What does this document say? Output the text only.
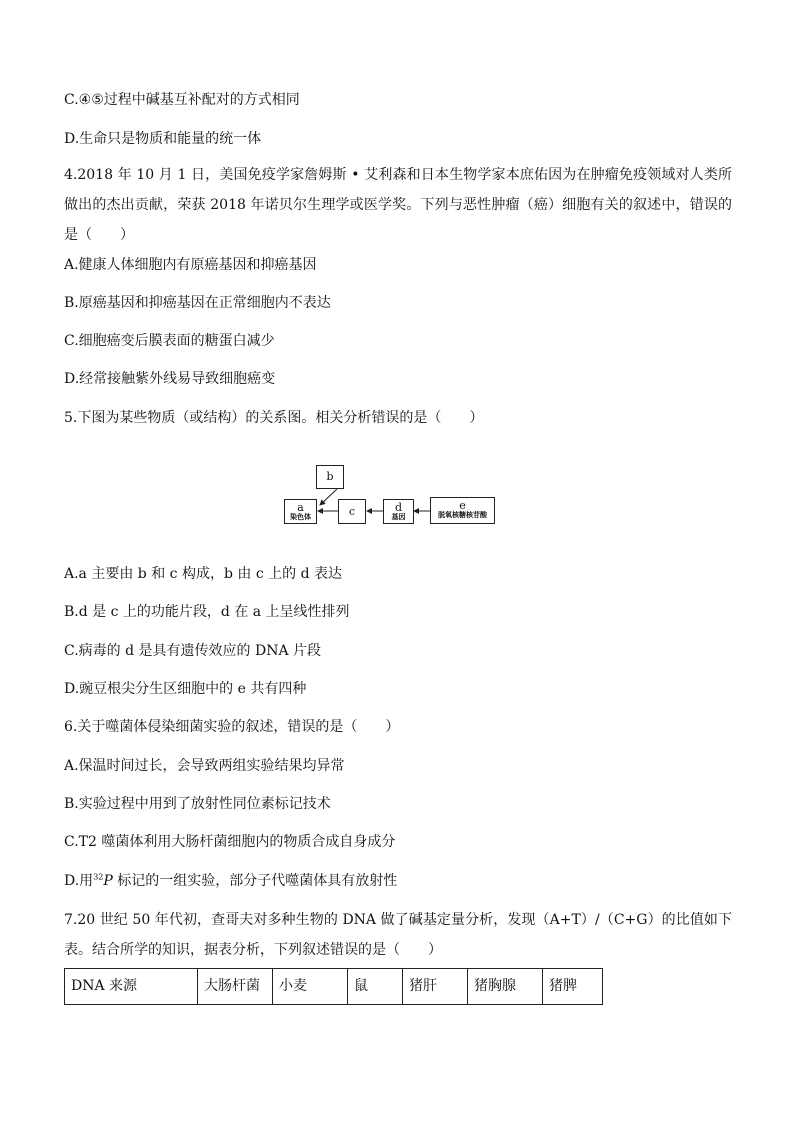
C.④⑤过程中碱基互补配对的方式相同
D.生命只是物质和能量的统一体
4.2018 年 10 月 1 日，美国免疫学家詹姆斯 • 艾利森和日本生物学家本庶佑因为在肿瘤免疫领域对人类所做出的杰出贡献，荣获 2018 年诺贝尔生理学或医学奖。下列与恶性肿瘤（癌）细胞有关的叙述中，错误的是（　　）
A.健康人体细胞内有原癌基因和抑癌基因
B.原癌基因和抑癌基因在正常细胞内不表达
C.细胞癌变后膜表面的糖蛋白减少
D.经常接触紫外线易导致细胞癌变
5.下图为某些物质（或结构）的关系图。相关分析错误的是（　　）
b
a
染色体	c	d
基因
e
脱氧核糖核苷酸
A.a 主要由 b 和 c 构成，b 由 c 上的 d 表达
B.d 是 c 上的功能片段，d 在 a 上呈线性排列
C.病毒的 d 是具有遗传效应的 DNA 片段
D.豌豆根尖分生区细胞中的 e 共有四种
6.关于噬菌体侵染细菌实验的叙述，错误的是（　　）
A.保温时间过长，会导致两组实验结果均异常
B.实验过程中用到了放射性同位素标记技术
C.T2 噬菌体利用大肠杆菌细胞内的物质合成自身成分
D.用$^{32}$P 标记的一组实验，部分子代噬菌体具有放射性
7.20 世纪 50 年代初，查哥夫对多种生物的 DNA 做了碱基定量分析，发现（A+T）/（C+G）的比值如下表。结合所学的知识，据表分析，下列叙述错误的是（　　）
DNA 来源	大肠杆菌	小麦	鼠	猪肝	猪胸腺	猪脾
